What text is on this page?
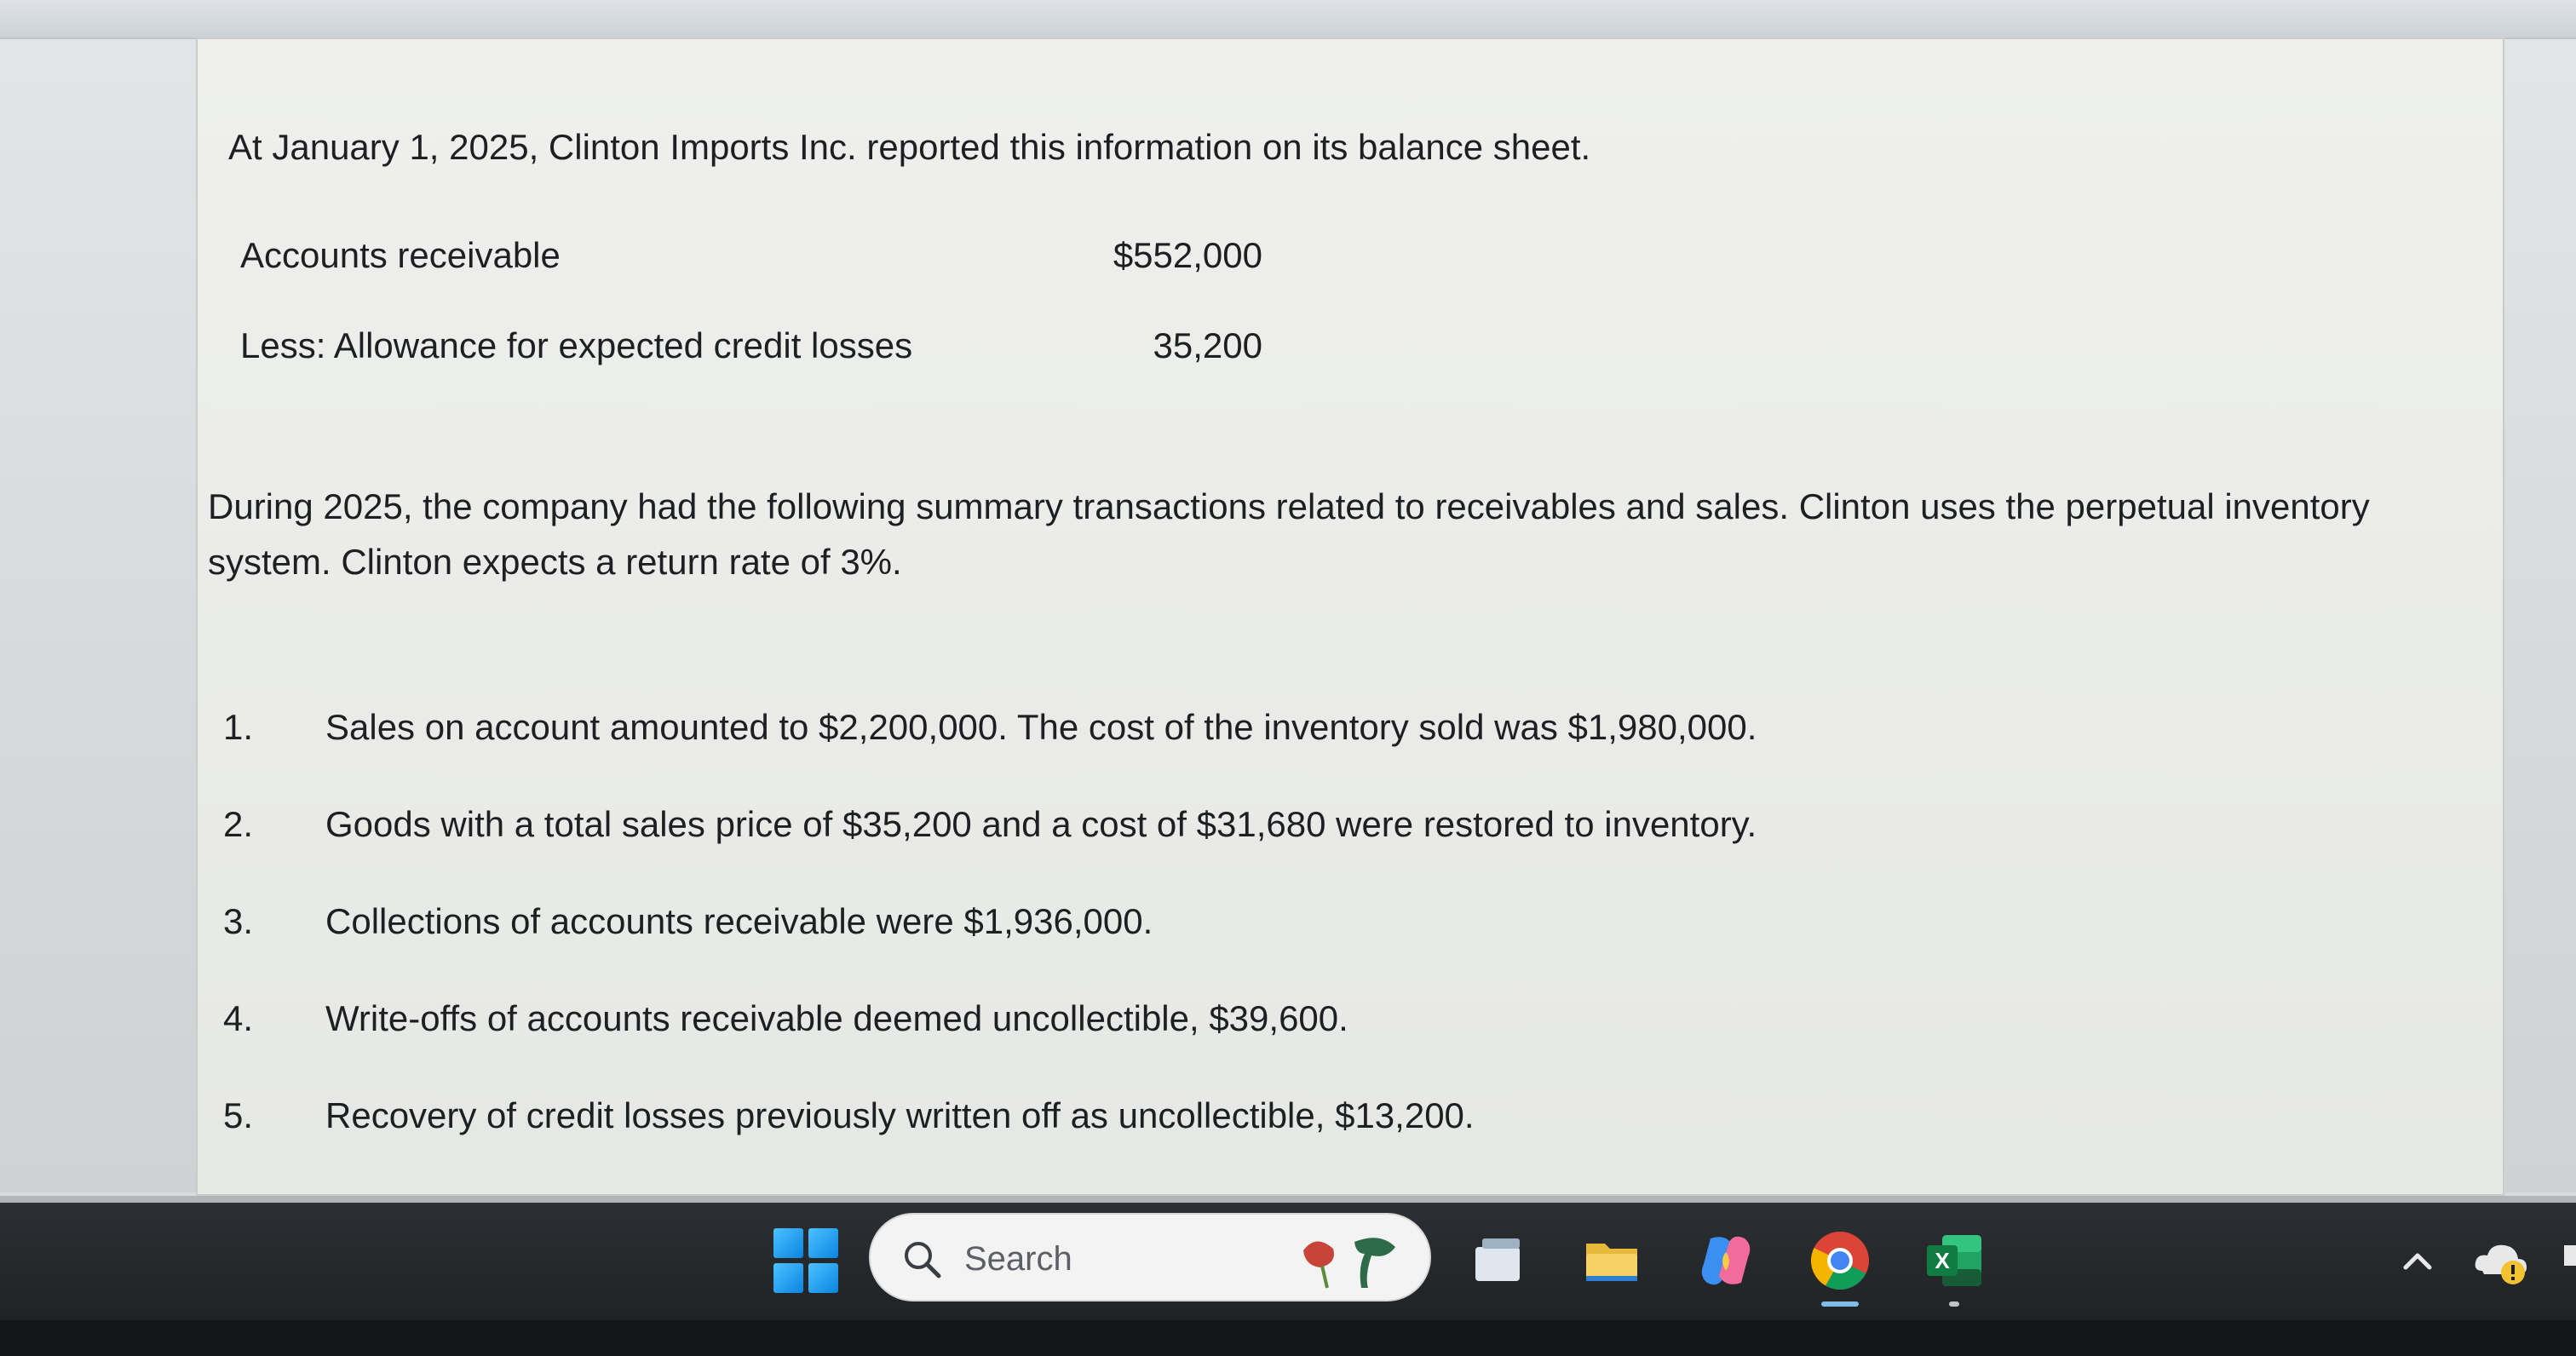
At January 1, 2025, Clinton Imports Inc. reported this information on its balance sheet.

Accounts receivable	$552,000
Less: Allowance for expected credit losses	35,200

During 2025, the company had the following summary transactions related to receivables and sales. Clinton uses the perpetual inventory system. Clinton expects a return rate of 3%.

1.	Sales on account amounted to $2,200,000. The cost of the inventory sold was $1,980,000.
2.	Goods with a total sales price of $35,200 and a cost of $31,680 were restored to inventory.
3.	Collections of accounts receivable were $1,936,000.
4.	Write-offs of accounts receivable deemed uncollectible, $39,600.
5.	Recovery of credit losses previously written off as uncollectible, $13,200.
Search	X
